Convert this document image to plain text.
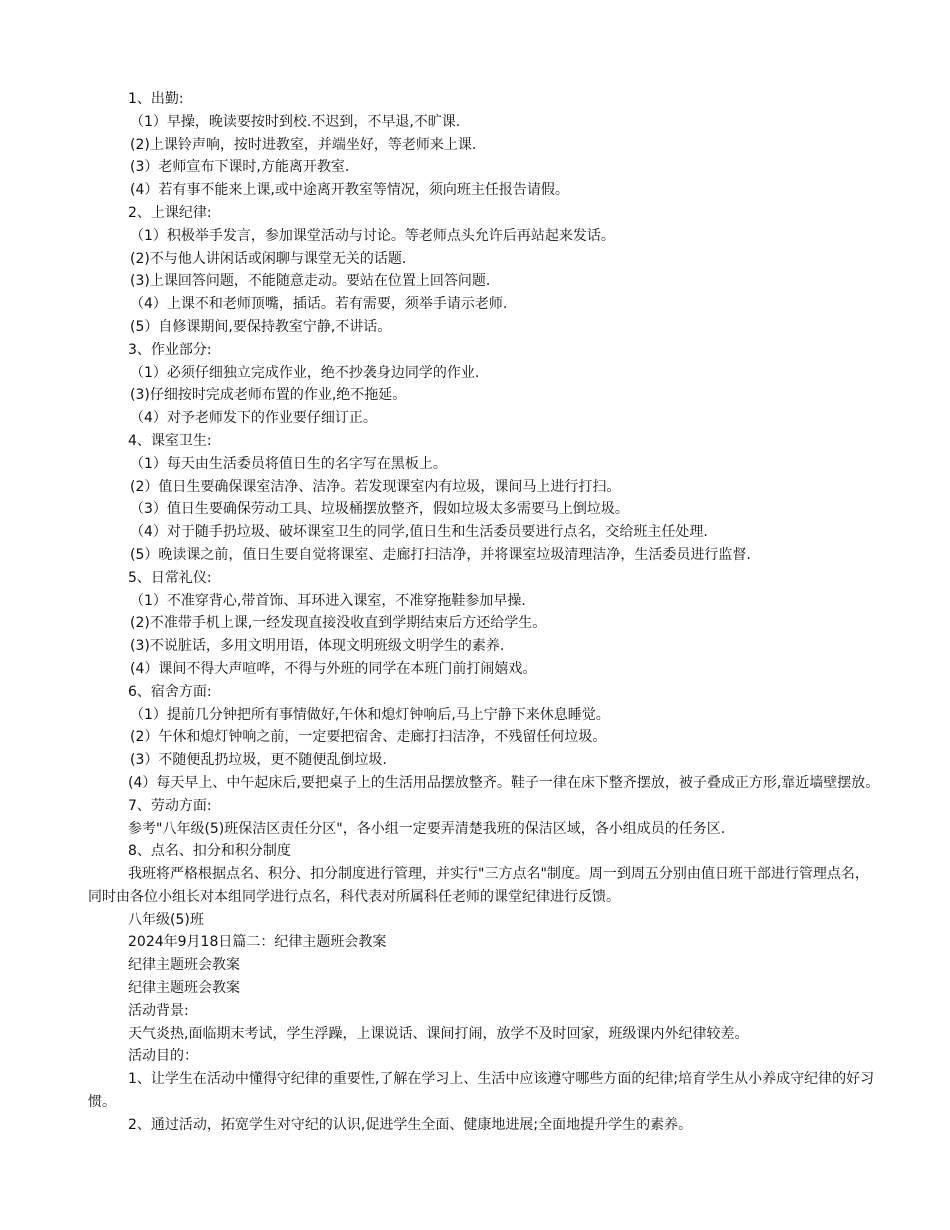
1、出勤:
（1）早操，晚读要按时到校.不迟到，不早退,不旷课.
(2)上课铃声响，按时进教室，并端坐好，等老师来上课.
(3）老师宣布下课时,方能离开教室.
(4）若有事不能来上课,或中途离开教室等情况，须向班主任报告请假。
2、上课纪律:
（1）积极举手发言，参加课堂活动与讨论。等老师点头允许后再站起来发话。
(2)不与他人讲闲话或闲聊与课堂无关的话题.
(3)上课回答问题，不能随意走动。要站在位置上回答问题.
（4）上课不和老师顶嘴，插话。若有需要，须举手请示老师.
(5）自修课期间,要保持教室宁静,不讲话。
3、作业部分:
（1）必须仔细独立完成作业，绝不抄袭身边同学的作业.
(3)仔细按时完成老师布置的作业,绝不拖延。
（4）对予老师发下的作业要仔细订正。
4、课室卫生:
（1）每天由生活委员将值日生的名字写在黑板上。
(2）值日生要确保课室洁净、洁净。若发现课室内有垃圾，课间马上进行打扫。
（3）值日生要确保劳动工具、垃圾桶摆放整齐，假如垃圾太多需要马上倒垃圾。
（4）对于随手扔垃圾、破坏课室卫生的同学,值日生和生活委员要进行点名，交给班主任处理.
(5）晚读课之前，值日生要自觉将课室、走廊打扫洁净，并将课室垃圾清理洁净，生活委员进行监督.
5、日常礼仪:
（1）不准穿背心,带首饰、耳环进入课室，不准穿拖鞋参加早操.
(2)不准带手机上课,一经发现直接没收直到学期结束后方还给学生。
(3)不说脏话，多用文明用语，体现文明班级文明学生的素养.
(4）课间不得大声喧哗，不得与外班的同学在本班门前打闹嬉戏。
6、宿舍方面:
（1）提前几分钟把所有事情做好,午休和熄灯钟响后,马上宁静下来休息睡觉。
(2）午休和熄灯钟响之前，一定要把宿舍、走廊打扫洁净，不残留任何垃圾。
(3）不随便乱扔垃圾，更不随便乱倒垃圾.
(4）每天早上、中午起床后,要把桌子上的生活用品摆放整齐。鞋子一律在床下整齐摆放，被子叠成正方形,靠近墙壁摆放。
7、劳动方面:
参考"八年级(5)班保洁区责任分区"，各小组一定要弄清楚我班的保洁区域，各小组成员的任务区.
8、点名、扣分和积分制度
我班将严格根据点名、积分、扣分制度进行管理，并实行"三方点名"制度。周一到周五分别由值日班干部进行管理点名，同时由各位小组长对本组同学进行点名，科代表对所属科任老师的课堂纪律进行反馈。
八年级(5)班
2024年9月18日篇二：纪律主题班会教案
纪律主题班会教案
纪律主题班会教案
活动背景:
天气炎热,面临期末考试，学生浮躁，上课说话、课间打闹，放学不及时回家，班级课内外纪律较差。
活动目的：
1、让学生在活动中懂得守纪律的重要性,了解在学习上、生活中应该遵守哪些方面的纪律;培育学生从小养成守纪律的好习惯。
2、通过活动，拓宽学生对守纪的认识,促进学生全面、健康地进展;全面地提升学生的素养。
